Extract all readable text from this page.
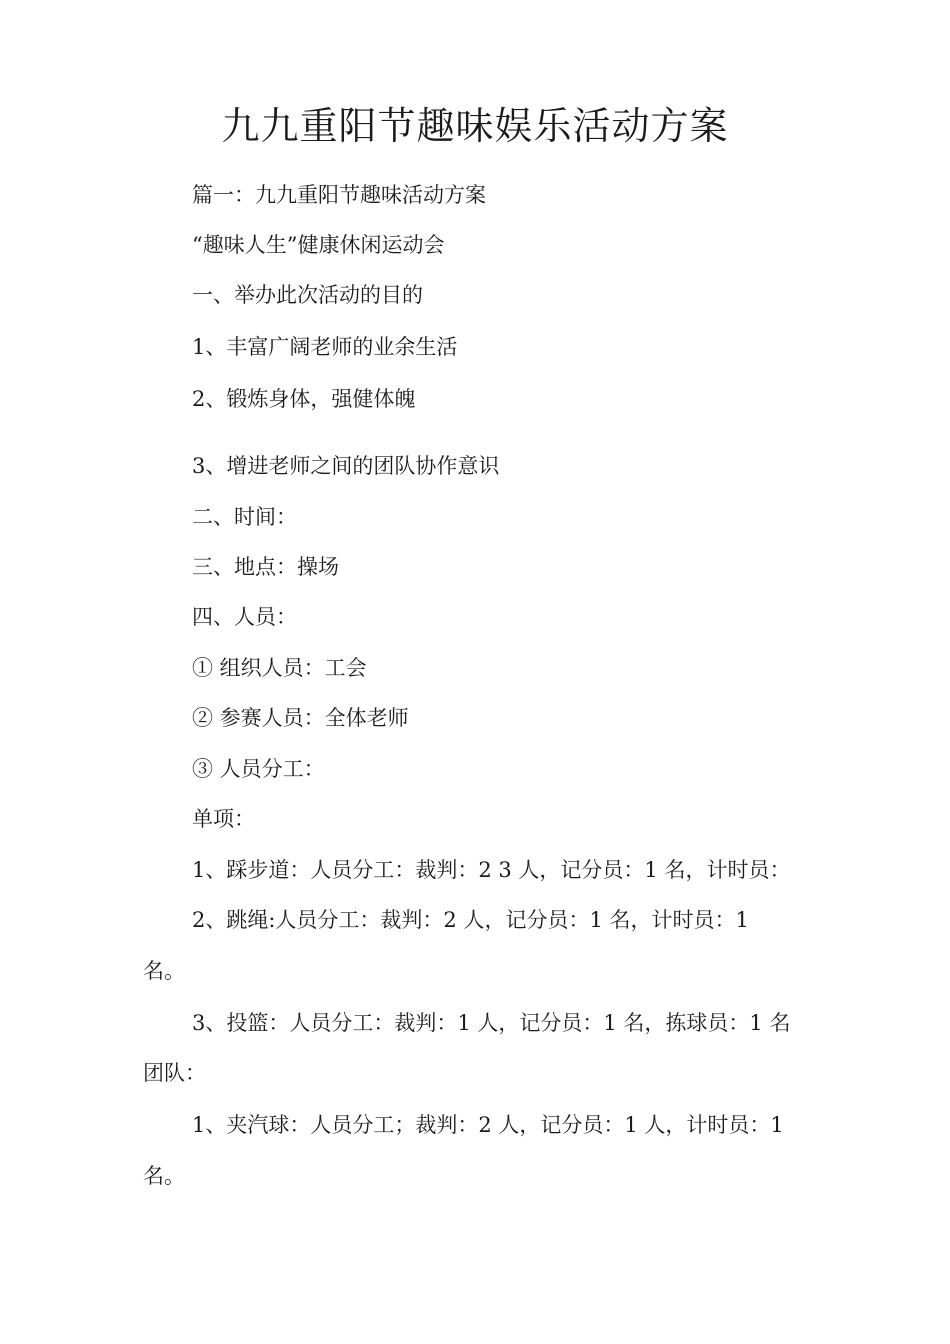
九九重阳节趣味娱乐活动方案
篇一：九九重阳节趣味活动方案
“趣味人生”健康休闲运动会
一、举办此次活动的目的
1、丰富广阔老师的业余生活
2、锻炼身体，强健体魄
3、增进老师之间的团队协作意识
二、时间：
三、地点：操场
四、人员：
① 组织人员：工会
② 参赛人员：全体老师
③ 人员分工：
单项：
1、踩步道：人员分工：裁判：2 3 人，记分员：1 名，计时员：
2、跳绳:人员分工：裁判：2 人，记分员：1 名，计时员：1
名。
3、投篮：人员分工：裁判：1 人，记分员：1 名，拣球员：1 名
团队：
1、夹汽球：人员分工；裁判：2 人，记分员：1 人，计时员：1
名。
